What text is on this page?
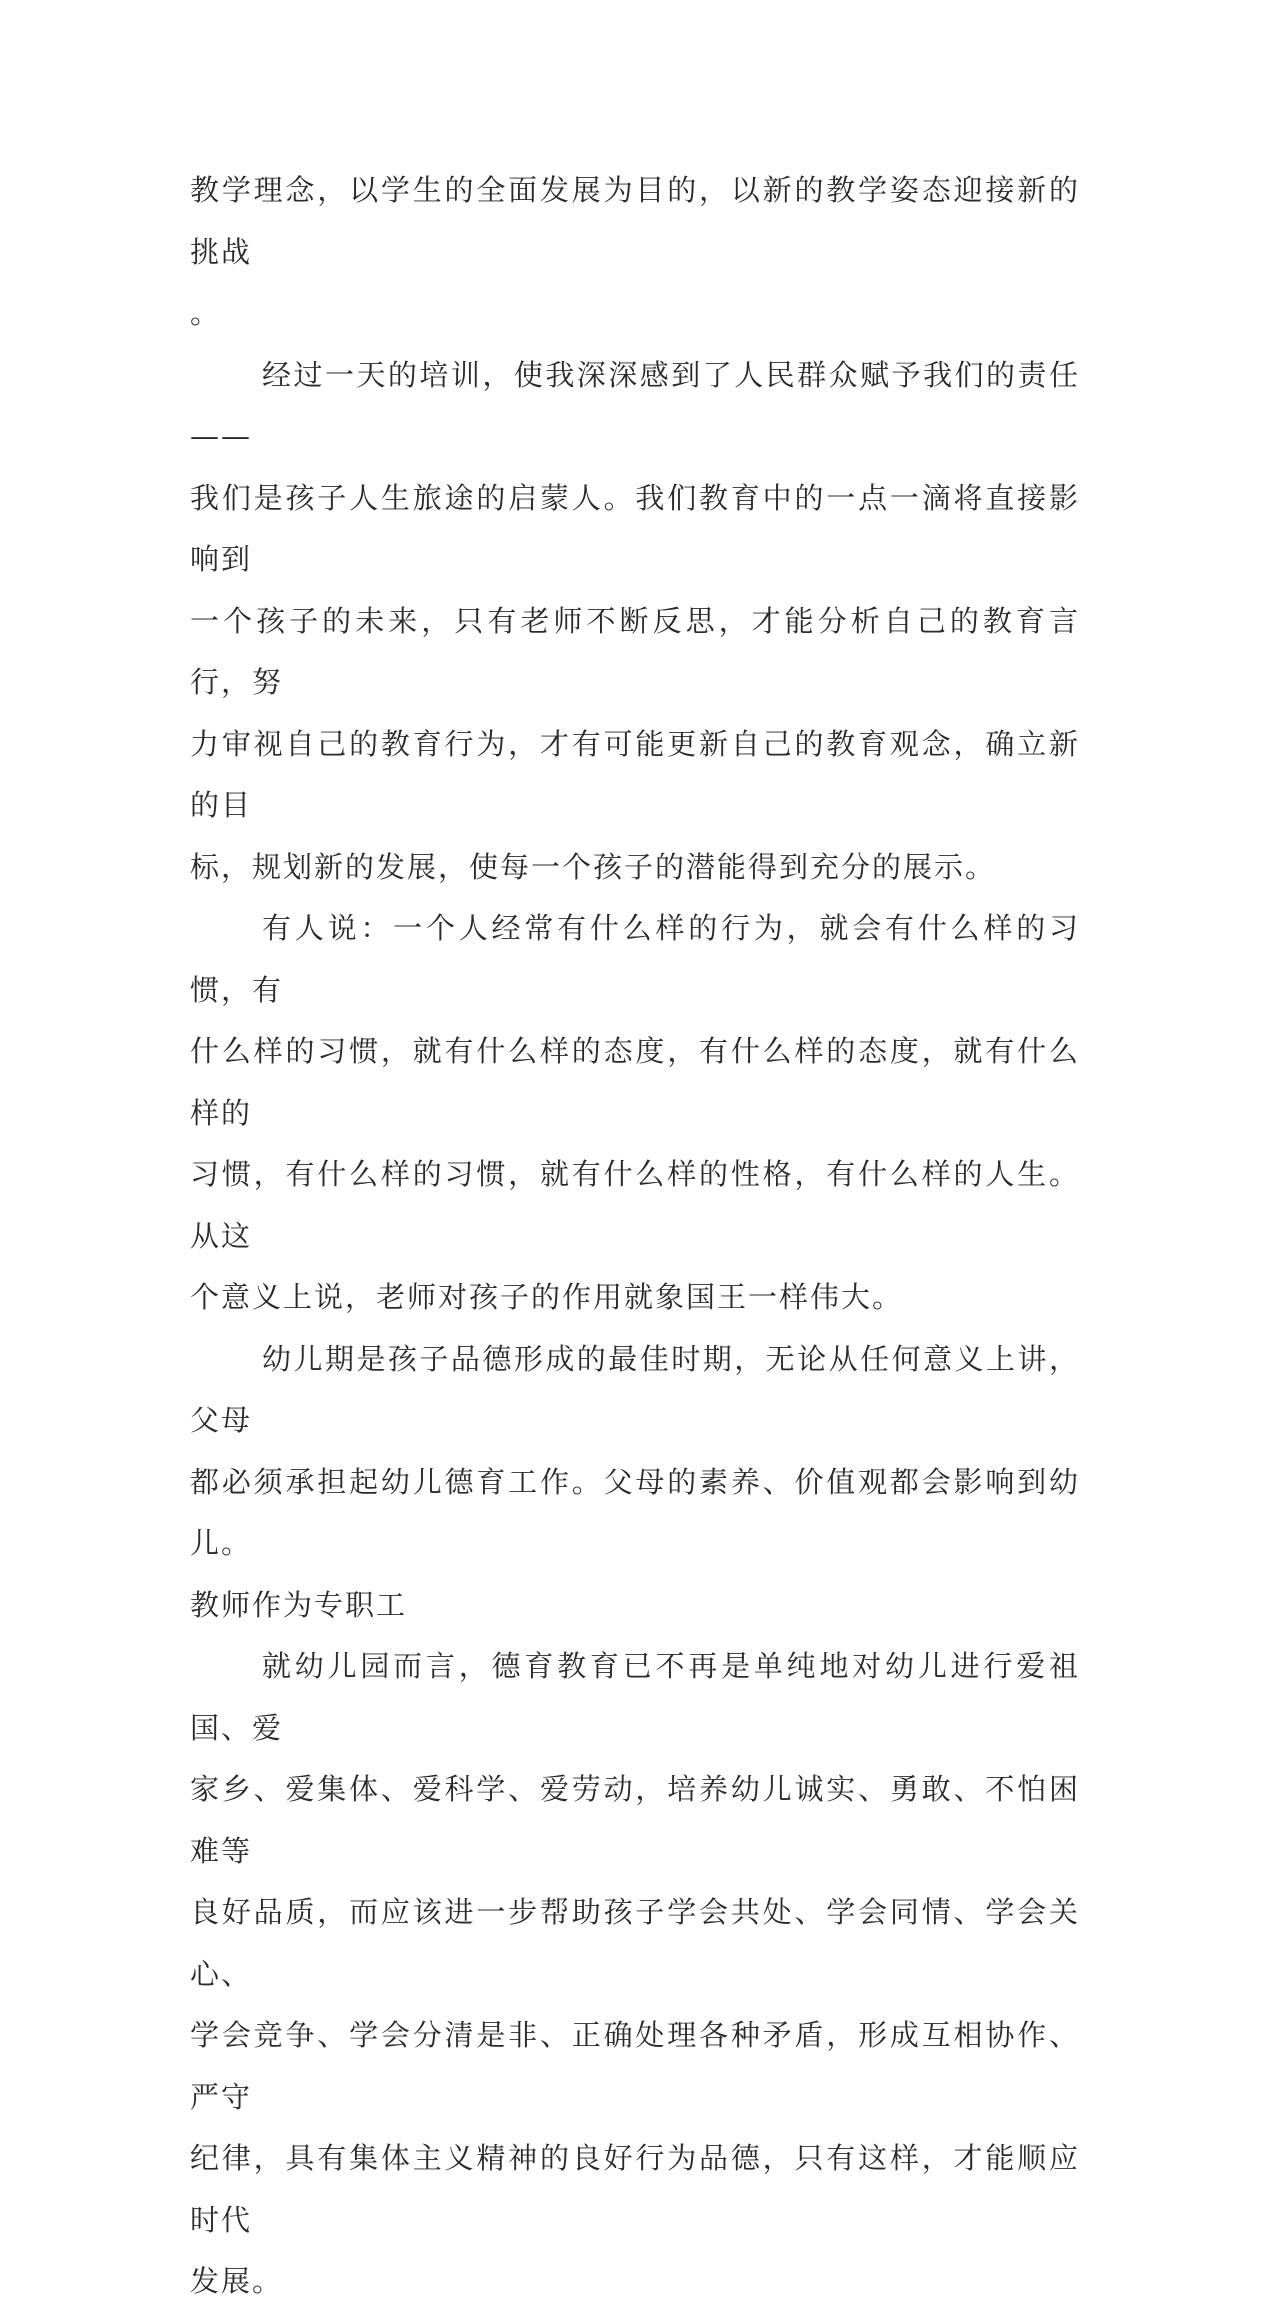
教学理念，以学生的全面发展为目的，以新的教学姿态迎接新的挑战
。

经过一天的培训，使我深深感到了人民群众赋予我们的责任——
我们是孩子人生旅途的启蒙人。我们教育中的一点一滴将直接影响到
一个孩子的未来，只有老师不断反思，才能分析自己的教育言行，努
力审视自己的教育行为，才有可能更新自己的教育观念，确立新的目
标，规划新的发展，使每一个孩子的潜能得到充分的展示。

有人说：一个人经常有什么样的行为，就会有什么样的习惯，有
什么样的习惯，就有什么样的态度，有什么样的态度，就有什么样的
习惯，有什么样的习惯，就有什么样的性格，有什么样的人生。从这
个意义上说，老师对孩子的作用就象国王一样伟大。

幼儿期是孩子品德形成的最佳时期，无论从任何意义上讲，父母
都必须承担起幼儿德育工作。父母的素养、价值观都会影响到幼儿。
教师作为专职工

就幼儿园而言，德育教育已不再是单纯地对幼儿进行爱祖国、爱
家乡、爱集体、爱科学、爱劳动，培养幼儿诚实、勇敢、不怕困难等
良好品质，而应该进一步帮助孩子学会共处、学会同情、学会关心、
学会竞争、学会分清是非、正确处理各种矛盾，形成互相协作、严守
纪律，具有集体主义精神的良好行为品德，只有这样，才能顺应时代
发展。
